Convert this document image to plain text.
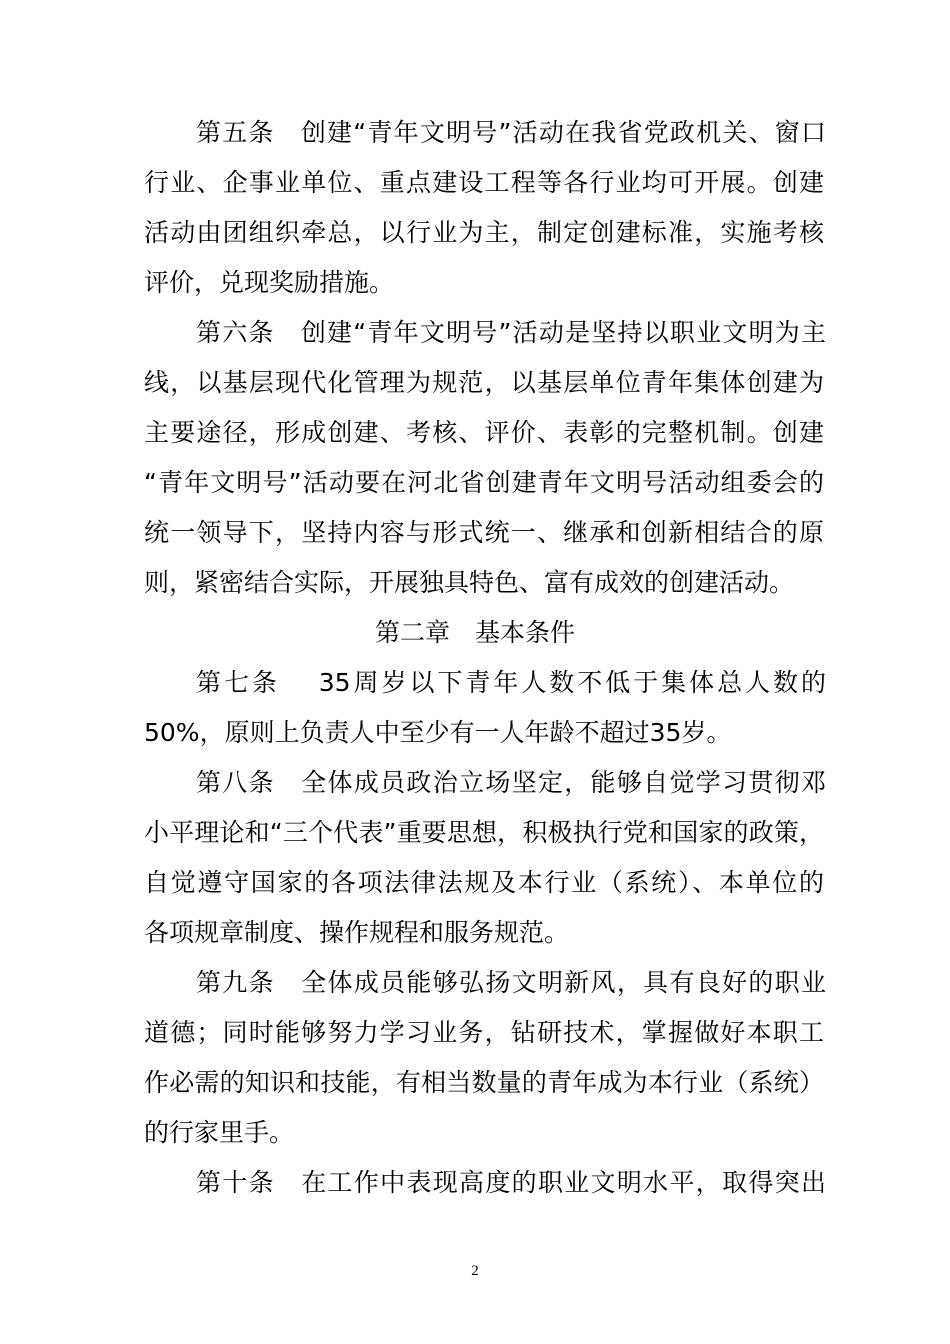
第五条　创建“青年文明号”活动在我省党政机关、窗口
行业、企事业单位、重点建设工程等各行业均可开展。创建
活动由团组织牵总，以行业为主，制定创建标准，实施考核
评价，兑现奖励措施。
第六条　创建“青年文明号”活动是坚持以职业文明为主
线，以基层现代化管理为规范，以基层单位青年集体创建为
主要途径，形成创建、考核、评价、表彰的完整机制。创建
“青年文明号”活动要在河北省创建青年文明号活动组委会的
统一领导下，坚持内容与形式统一、继承和创新相结合的原
则，紧密结合实际，开展独具特色、富有成效的创建活动。
第二章　基本条件
第七条　 35周岁以下青年人数不低于集体总人数的
50%，原则上负责人中至少有一人年龄不超过35岁。
第八条　全体成员政治立场坚定，能够自觉学习贯彻邓
小平理论和“三个代表”重要思想，积极执行党和国家的政策，
自觉遵守国家的各项法律法规及本行业（系统）、本单位的
各项规章制度、操作规程和服务规范。
第九条　全体成员能够弘扬文明新风，具有良好的职业
道德；同时能够努力学习业务，钻研技术，掌握做好本职工
作必需的知识和技能，有相当数量的青年成为本行业（系统）
的行家里手。
第十条　在工作中表现高度的职业文明水平，取得突出
2
